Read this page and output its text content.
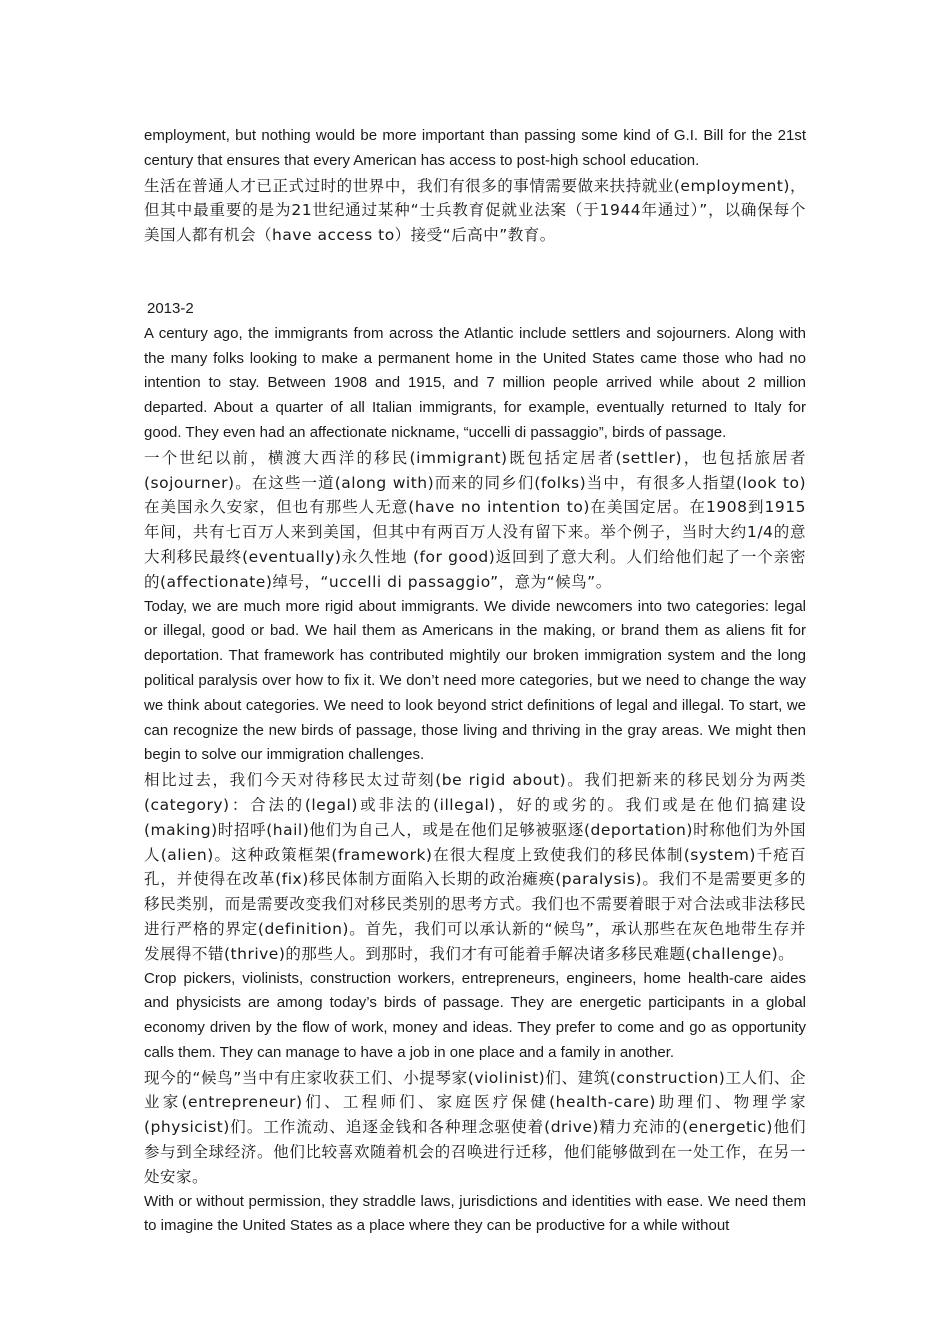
employment, but nothing would be more important than passing some kind of G.I. Bill for the 21st century that ensures that every American has access to post-high school education.

生活在普通人才已正式过时的世界中，我们有很多的事情需要做来扶持就业(employment)，但其中最重要的是为21世纪通过某种“士兵教育促就业法案（于1944年通过）”，以确保每个美国人都有机会（have access to）接受“后高中”教育。

2013-2

A century ago, the immigrants from across the Atlantic include settlers and sojourners. Along with the many folks looking to make a permanent home in the United States came those who had no intention to stay. Between 1908 and 1915, and 7 million people arrived while about 2 million departed. About a quarter of all Italian immigrants, for example, eventually returned to Italy for good. They even had an affectionate nickname, “uccelli di passaggio”, birds of passage.

一个世纪以前，横渡大西洋的移民(immigrant)既包括定居者(settler)，也包括旅居者(sojourner)。在这些一道(along with)而来的同乡们(folks)当中，有很多人指望(look to)在美国永久安家，但也有那些人无意(have no intention to)在美国定居。在1908到1915年间，共有七百万人来到美国，但其中有两百万人没有留下来。举个例子，当时大约1/4的意大利移民最终(eventually)永久性地 (for good)返回到了意大利。人们给他们起了一个亲密的(affectionate)绰号，“uccelli di passaggio”，意为“候鸟”。

Today, we are much more rigid about immigrants. We divide newcomers into two categories: legal or illegal, good or bad. We hail them as Americans in the making, or brand them as aliens fit for deportation. That framework has contributed mightily our broken immigration system and the long political paralysis over how to fix it. We don’t need more categories, but we need to change the way we think about categories. We need to look beyond strict definitions of legal and illegal. To start, we can recognize the new birds of passage, those living and thriving in the gray areas. We might then begin to solve our immigration challenges.

相比过去，我们今天对待移民太过苛刻(be rigid about)。我们把新来的移民划分为两类(category)：合法的(legal)或非法的(illegal)，好的或劣的。我们或是在他们搞建设(making)时招呼(hail)他们为自己人，或是在他们足够被驱逐(deportation)时称他们为外国人(alien)。这种政策框架(framework)在很大程度上致使我们的移民体制(system)千疮百孔，并使得在改革(fix)移民体制方面陷入长期的政治瘫痪(paralysis)。我们不是需要更多的移民类别，而是需要改变我们对移民类别的思考方式。我们也不需要着眼于对合法或非法移民进行严格的界定(definition)。首先，我们可以承认新的“候鸟”，承认那些在灰色地带生存并发展得不错(thrive)的那些人。到那时，我们才有可能着手解决诸多移民难题(challenge)。

Crop pickers, violinists, construction workers, entrepreneurs, engineers, home health-care aides and physicists are among today’s birds of passage. They are energetic participants in a global economy driven by the flow of work, money and ideas. They prefer to come and go as opportunity calls them. They can manage to have a job in one place and a family in another.

现今的“候鸟”当中有庄家收获工们、小提琴家(violinist)们、建筑(construction)工人们、企业家(entrepreneur)们、工程师们、家庭医疗保健(health-care)助理们、物理学家(physicist)们。工作流动、追逐金钱和各种理念驱使着(drive)精力充沛的(energetic)他们参与到全球经济。他们比较喜欢随着机会的召唤进行迁移，他们能够做到在一处工作，在另一处安家。

With or without permission, they straddle laws, jurisdictions and identities with ease. We need them to imagine the United States as a place where they can be productive for a while without
